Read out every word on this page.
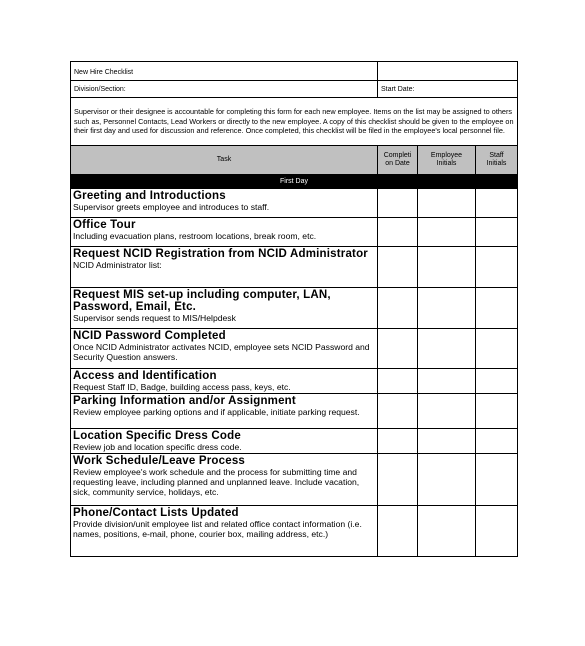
New Hire Checklist
Division/Section:	Start Date:
Supervisor or their designee is accountable for completing this form for each new employee. Items on the list may be assigned to others such as, Personnel Contacts, Lead Workers or directly to the new employee. A copy of this checklist should be given to the employee on their first day and used for discussion and reference. Once completed, this checklist will be filed in the employee's local personnel file.
Task
Completi on Date
Employee Initials
Staff Initials
First Day
Greeting and Introductions
Supervisor greets employee and introduces to staff.
Office Tour
Including evacuation plans, restroom locations, break room, etc.
Request NCID Registration from NCID Administrator
NCID Administrator list:
Request MIS set-up including computer, LAN, Password, Email, Etc.
Supervisor sends request to MIS/Helpdesk
NCID Password Completed
Once NCID Administrator activates NCID, employee sets NCID Password and Security Question answers.
Access and Identification
Request Staff ID, Badge, building access pass, keys, etc.
Parking Information and/or Assignment
Review employee parking options and if applicable, initiate parking request.
Location Specific Dress Code
Review job and location specific dress code.
Work Schedule/Leave Process
Review employee's work schedule and the process for submitting time and requesting leave, including planned and unplanned leave. Include vacation, sick, community service, holidays, etc.
Phone/Contact Lists Updated
Provide division/unit employee list and related office contact information (i.e. names, positions, e-mail, phone, courier box, mailing address, etc.)
